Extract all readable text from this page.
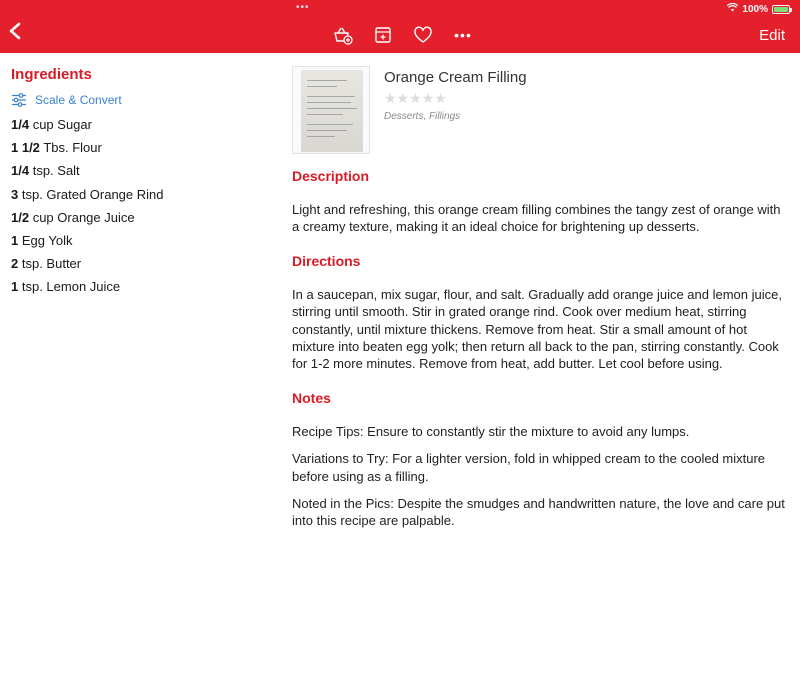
•••	100%
•••	Edit
Ingredients
Scale & Convert
1/4 cup Sugar
1 1/2 Tbs. Flour
1/4 tsp. Salt
3 tsp. Grated Orange Rind
1/2 cup Orange Juice
1 Egg Yolk
2 tsp. Butter
1 tsp. Lemon Juice
Orange Cream Filling
★★★★★
Desserts, Fillings
Description
Light and refreshing, this orange cream filling combines the tangy zest of orange with a creamy texture, making it an ideal choice for brightening up desserts.
Directions
In a saucepan, mix sugar, flour, and salt. Gradually add orange juice and lemon juice, stirring until smooth. Stir in grated orange rind. Cook over medium heat, stirring constantly, until mixture thickens. Remove from heat. Stir a small amount of hot mixture into beaten egg yolk; then return all back to the pan, stirring constantly. Cook for 1-2 more minutes. Remove from heat, add butter. Let cool before using.
Notes
Recipe Tips: Ensure to constantly stir the mixture to avoid any lumps.
Variations to Try: For a lighter version, fold in whipped cream to the cooled mixture before using as a filling.
Noted in the Pics: Despite the smudges and handwritten nature, the love and care put into this recipe are palpable.
